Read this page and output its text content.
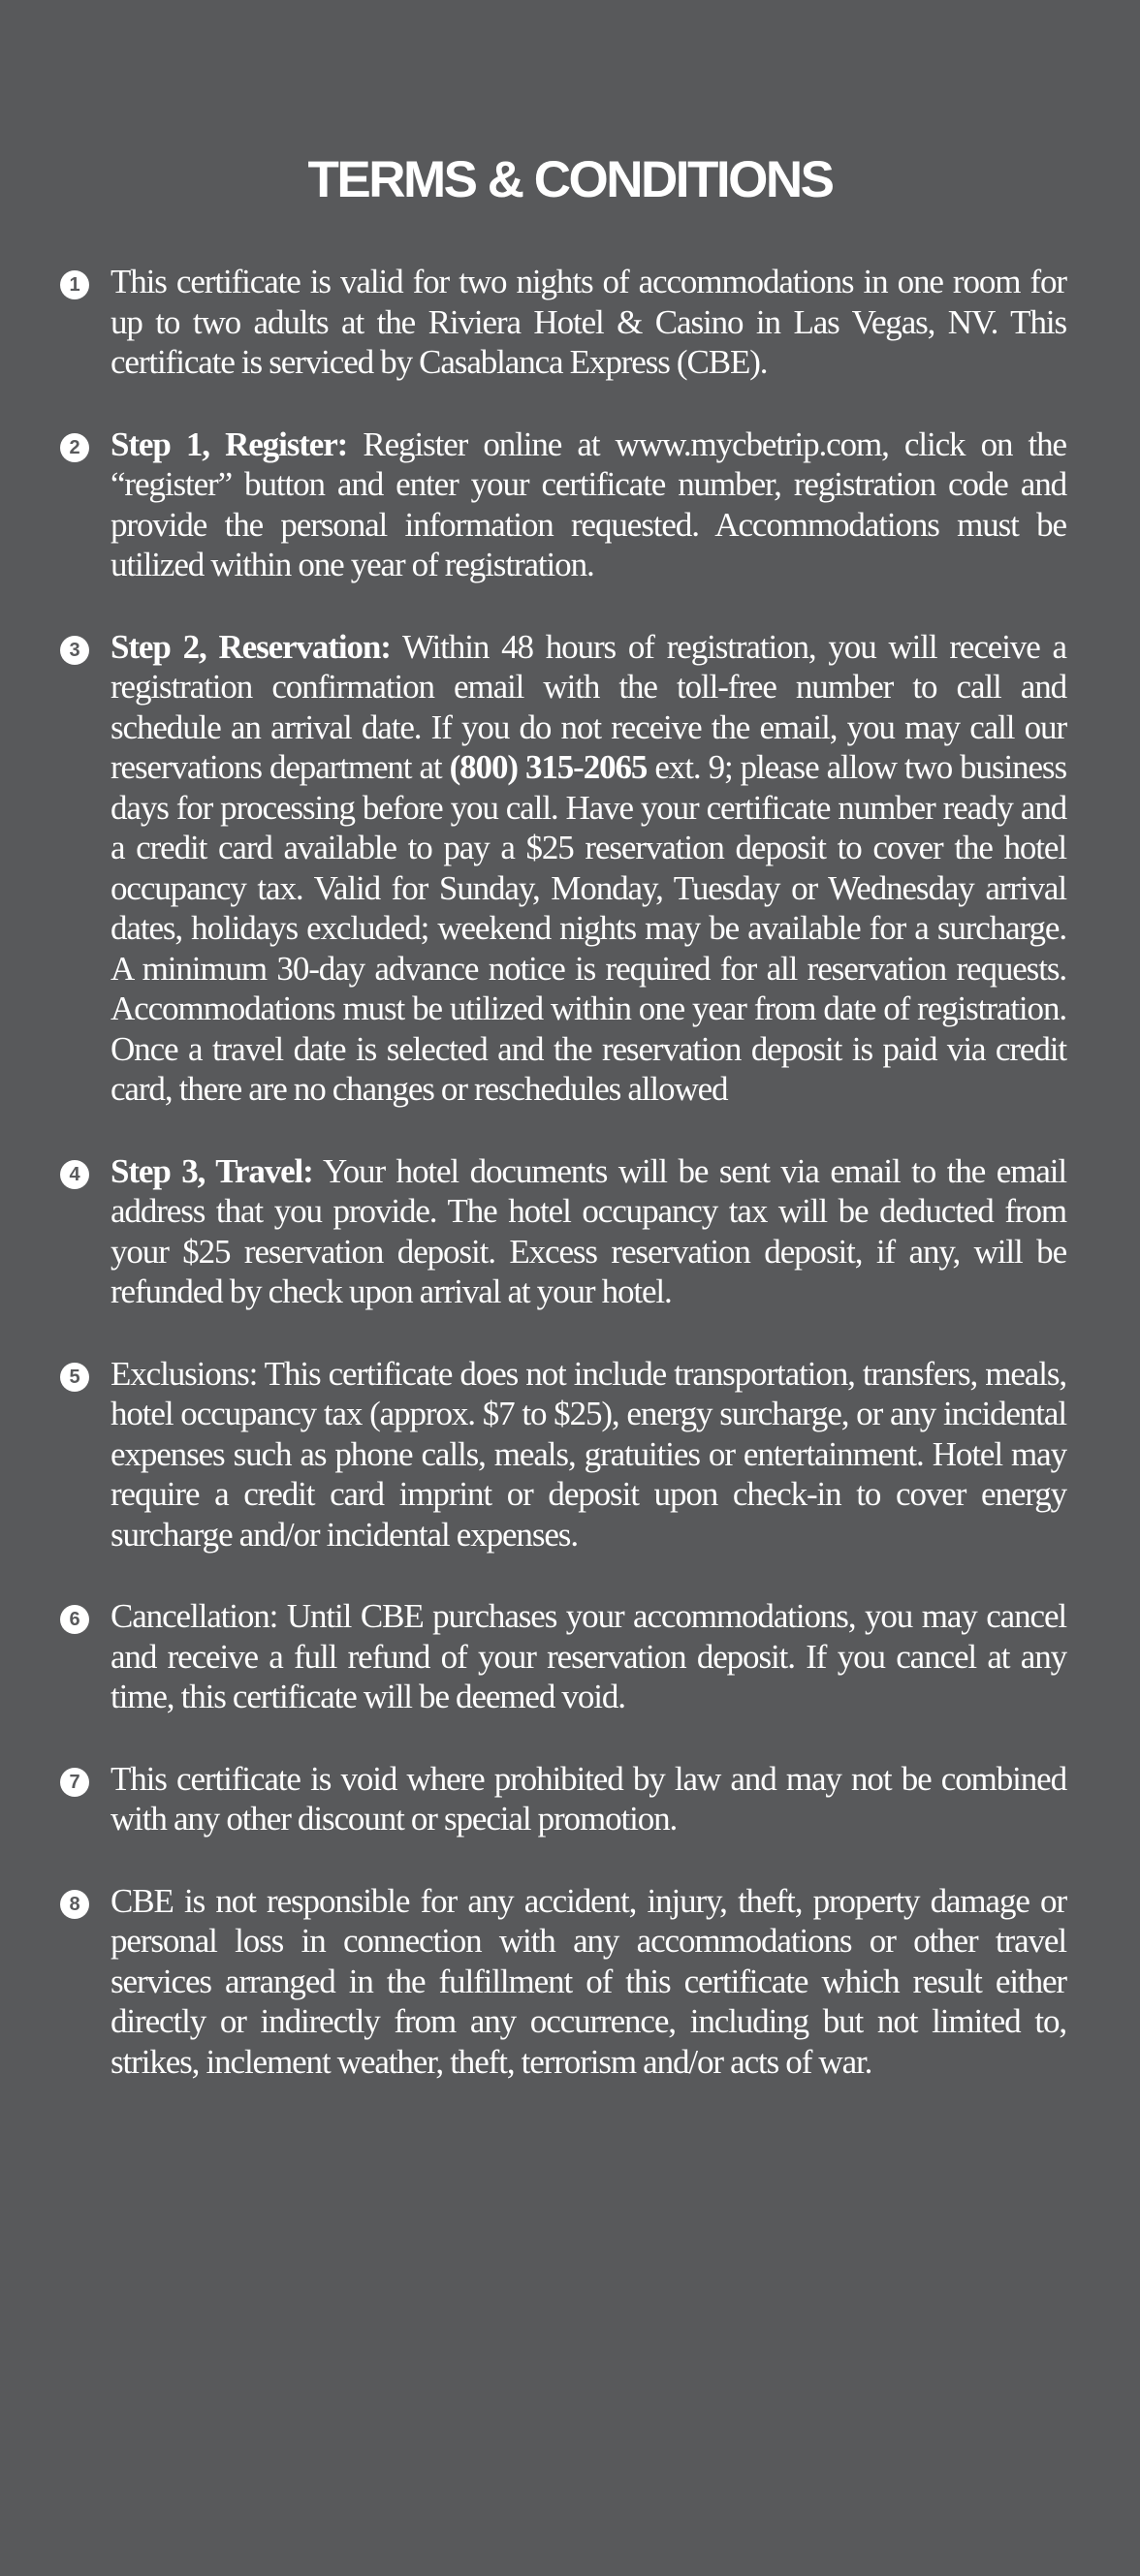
TERMS & CONDITIONS
1 This certificate is valid for two nights of accommodations in one room for up to two adults at the Riviera Hotel & Casino in Las Vegas, NV. This certificate is serviced by Casablanca Express (CBE).
2 Step 1, Register: Register online at www.mycbetrip.com, click on the “register” button and enter your certificate number, registration code and provide the personal information requested. Accommodations must be utilized within one year of registration.
3 Step 2, Reservation: Within 48 hours of registration, you will receive a registration confirmation email with the toll-free number to call and schedule an arrival date. If you do not receive the email, you may call our reservations department at (800) 315-2065 ext. 9; please allow two business days for processing before you call. Have your certificate number ready and a credit card available to pay a $25 reservation deposit to cover the hotel occupancy tax. Valid for Sunday, Monday, Tuesday or Wednesday arrival dates, holidays excluded; weekend nights may be available for a surcharge. A minimum 30-day advance notice is required for all reservation requests. Accommodations must be utilized within one year from date of registration. Once a travel date is selected and the reservation deposit is paid via credit card, there are no changes or reschedules allowed
4 Step 3, Travel: Your hotel documents will be sent via email to the email address that you provide. The hotel occupancy tax will be deducted from your $25 reservation deposit. Excess reservation deposit, if any, will be refunded by check upon arrival at your hotel.
5 Exclusions: This certificate does not include transportation, transfers, meals, hotel occupancy tax (approx. $7 to $25), energy surcharge, or any incidental expenses such as phone calls, meals, gratuities or entertainment. Hotel may require a credit card imprint or deposit upon check-in to cover energy surcharge and/or incidental expenses.
6 Cancellation: Until CBE purchases your accommodations, you may cancel and receive a full refund of your reservation deposit. If you cancel at any time, this certificate will be deemed void.
7 This certificate is void where prohibited by law and may not be combined with any other discount or special promotion.
8 CBE is not responsible for any accident, injury, theft, property damage or personal loss in connection with any accommodations or other travel services arranged in the fulfillment of this certificate which result either directly or indirectly from any occurrence, including but not limited to, strikes, inclement weather, theft, terrorism and/or acts of war.
